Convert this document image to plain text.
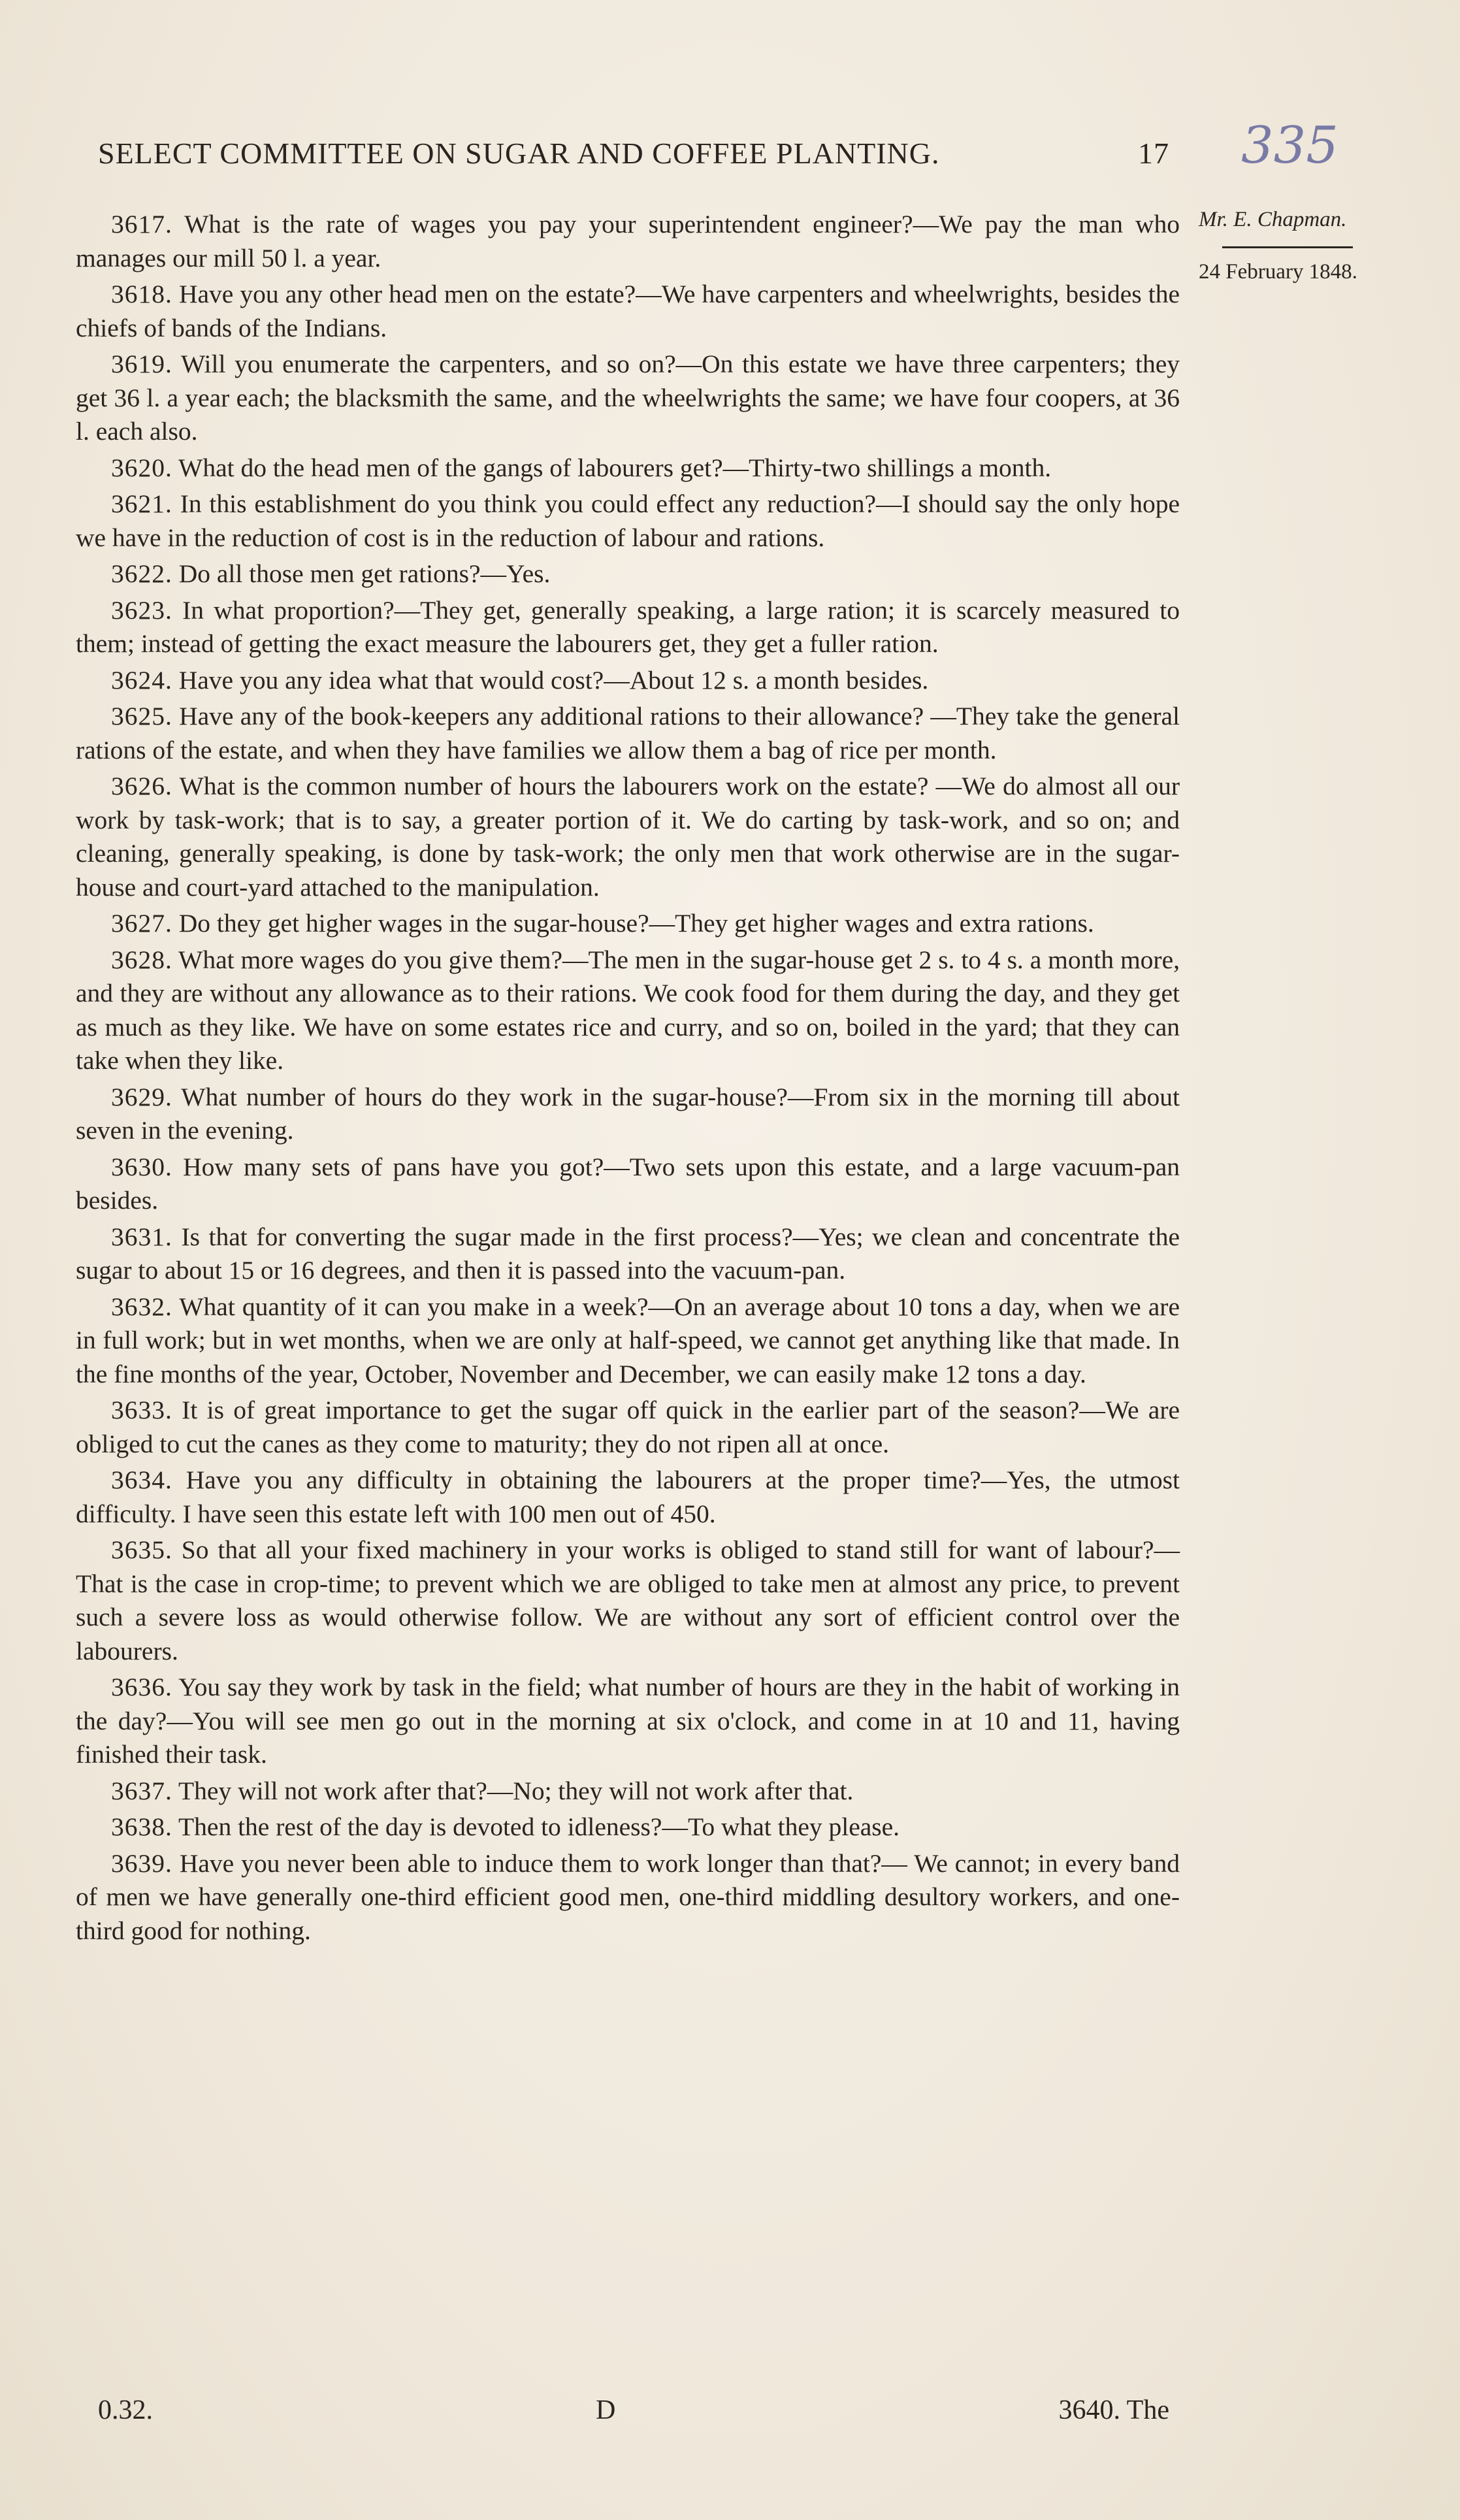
SELECT COMMITTEE ON SUGAR AND COFFEE PLANTING.	17 335
Mr. E. Chapman.
24 February 1848.

3617. What is the rate of wages you pay your superintendent engineer?—We pay the man who manages our mill 50 l. a year.

3618. Have you any other head men on the estate?—We have carpenters and wheelwrights, besides the chiefs of bands of the Indians.

3619. Will you enumerate the carpenters, and so on?—On this estate we have three carpenters; they get 36 l. a year each; the blacksmith the same, and the wheelwrights the same; we have four coopers, at 36 l. each also.

3620. What do the head men of the gangs of labourers get?—Thirty-two shillings a month.

3621. In this establishment do you think you could effect any reduction?—I should say the only hope we have in the reduction of cost is in the reduction of labour and rations.

3622. Do all those men get rations?—Yes.

3623. In what proportion?—They get, generally speaking, a large ration; it is scarcely measured to them; instead of getting the exact measure the labourers get, they get a fuller ration.

3624. Have you any idea what that would cost?—About 12 s. a month besides.

3625. Have any of the book-keepers any additional rations to their allowance? —They take the general rations of the estate, and when they have families we allow them a bag of rice per month.

3626. What is the common number of hours the labourers work on the estate? —We do almost all our work by task-work; that is to say, a greater portion of it. We do carting by task-work, and so on; and cleaning, generally speaking, is done by task-work; the only men that work otherwise are in the sugar-house and court-yard attached to the manipulation.

3627. Do they get higher wages in the sugar-house?—They get higher wages and extra rations.

3628. What more wages do you give them?—The men in the sugar-house get 2 s. to 4 s. a month more, and they are without any allowance as to their rations. We cook food for them during the day, and they get as much as they like. We have on some estates rice and curry, and so on, boiled in the yard; that they can take when they like.

3629. What number of hours do they work in the sugar-house?—From six in the morning till about seven in the evening.

3630. How many sets of pans have you got?—Two sets upon this estate, and a large vacuum-pan besides.

3631. Is that for converting the sugar made in the first process?—Yes; we clean and concentrate the sugar to about 15 or 16 degrees, and then it is passed into the vacuum-pan.

3632. What quantity of it can you make in a week?—On an average about 10 tons a day, when we are in full work; but in wet months, when we are only at half-speed, we cannot get anything like that made. In the fine months of the year, October, November and December, we can easily make 12 tons a day.

3633. It is of great importance to get the sugar off quick in the earlier part of the season?—We are obliged to cut the canes as they come to maturity; they do not ripen all at once.

3634. Have you any difficulty in obtaining the labourers at the proper time?—Yes, the utmost difficulty. I have seen this estate left with 100 men out of 450.

3635. So that all your fixed machinery in your works is obliged to stand still for want of labour?—That is the case in crop-time; to prevent which we are obliged to take men at almost any price, to prevent such a severe loss as would otherwise follow. We are without any sort of efficient control over the labourers.

3636. You say they work by task in the field; what number of hours are they in the habit of working in the day?—You will see men go out in the morning at six o'clock, and come in at 10 and 11, having finished their task.

3637. They will not work after that?—No; they will not work after that.

3638. Then the rest of the day is devoted to idleness?—To what they please.

3639. Have you never been able to induce them to work longer than that?— We cannot; in every band of men we have generally one-third efficient good men, one-third middling desultory workers, and one-third good for nothing.

0.32.	D	3640. The
